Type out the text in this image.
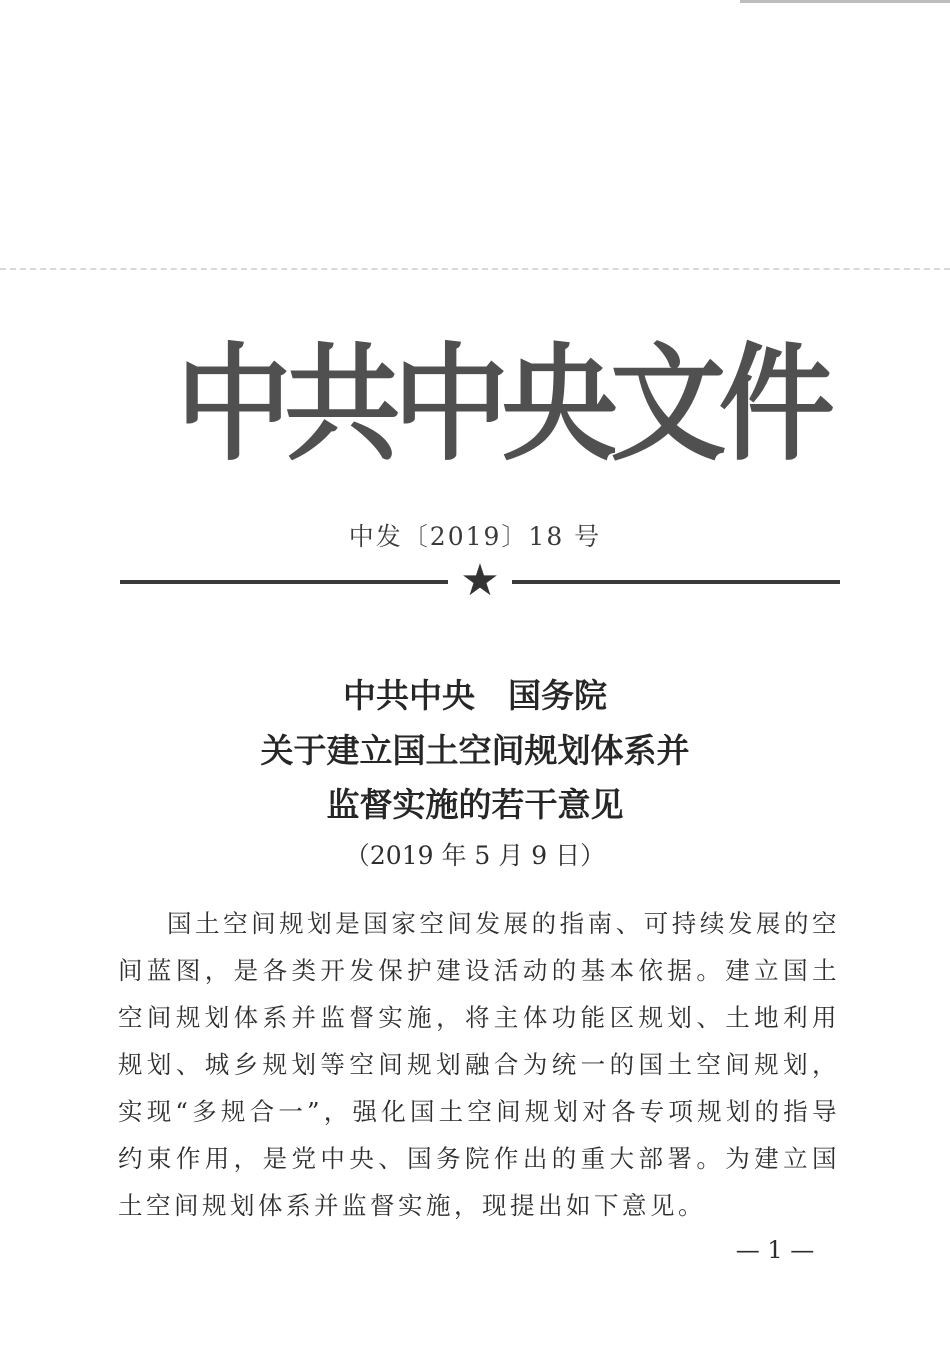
中共中央文件
中发〔2019〕18 号
★
中共中央　国务院
关于建立国土空间规划体系并
监督实施的若干意见
（2019 年 5 月 9 日）
国土空间规划是国家空间发展的指南、可持续发展的空间蓝图，是各类开发保护建设活动的基本依据。建立国土空间规划体系并监督实施，将主体功能区规划、土地利用规划、城乡规划等空间规划融合为统一的国土空间规划，实现“多规合一”，强化国土空间规划对各专项规划的指导约束作用，是党中央、国务院作出的重大部署。为建立国土空间规划体系并监督实施，现提出如下意见。
— 1 —
